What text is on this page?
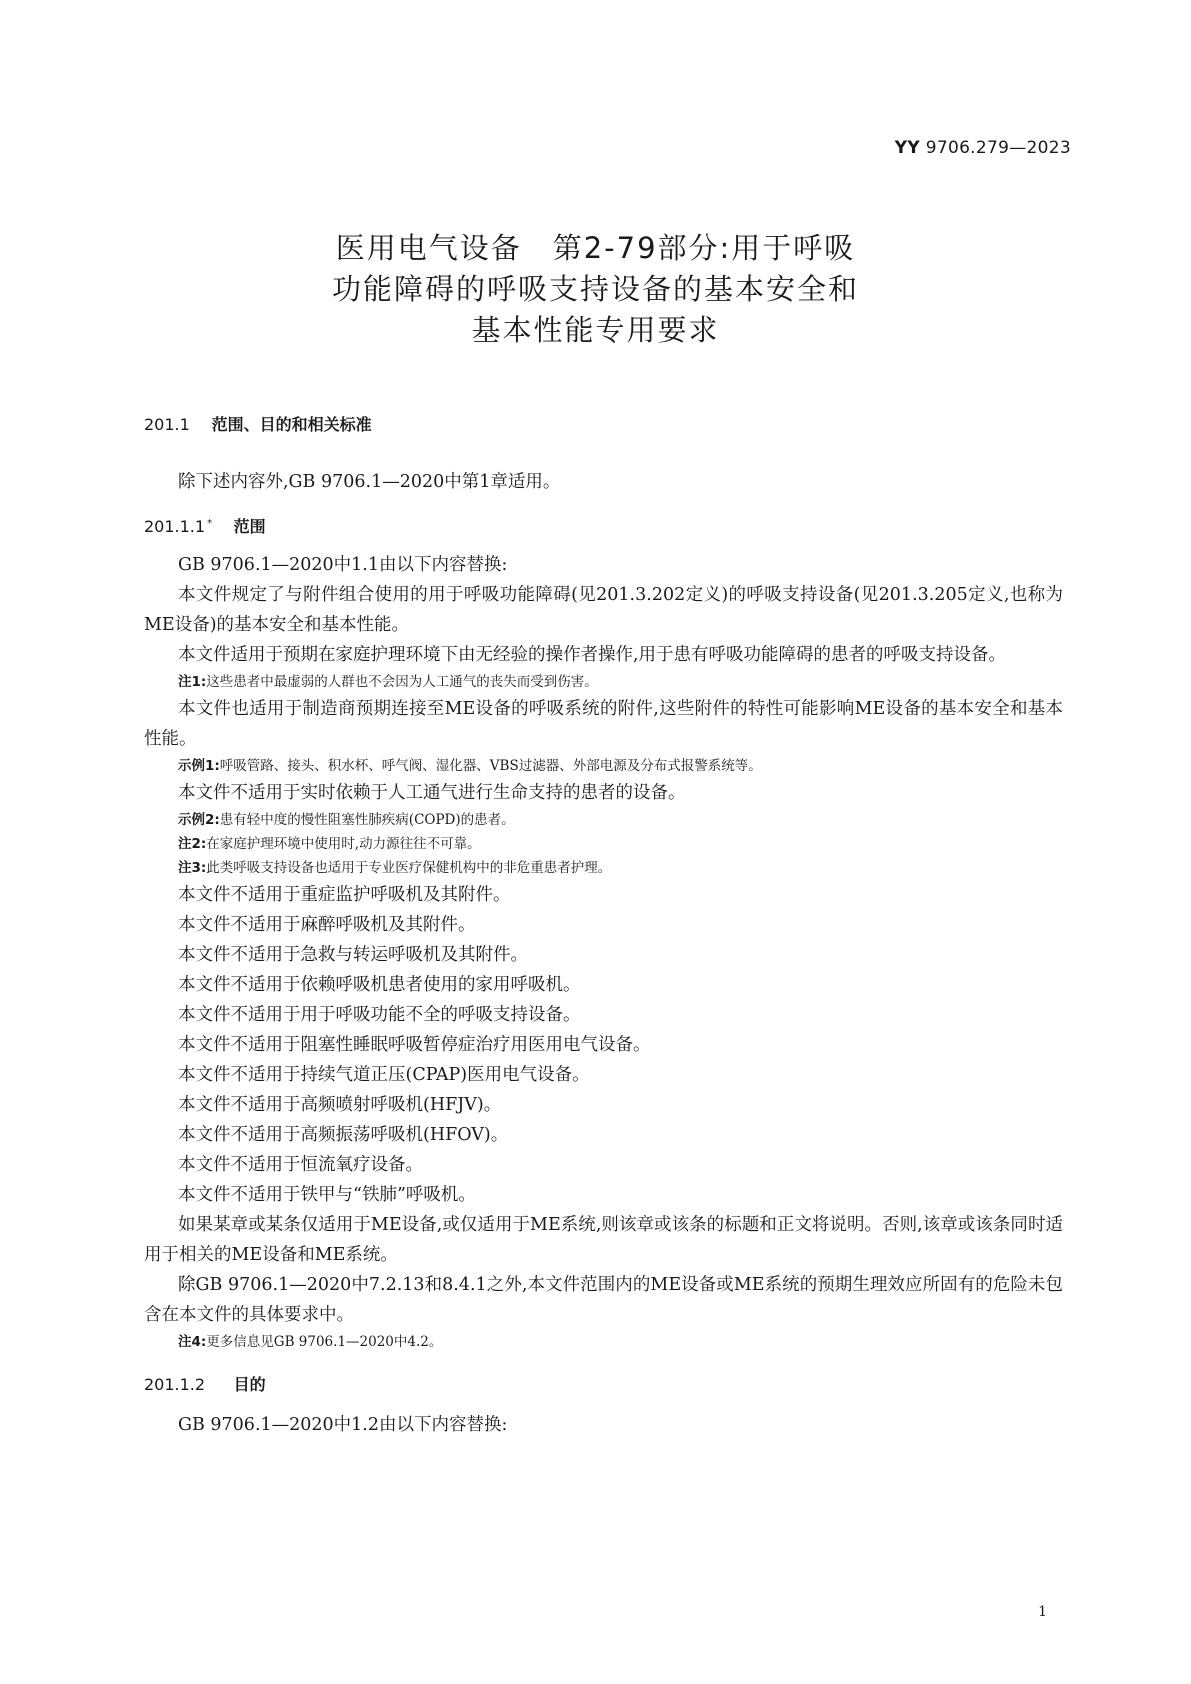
YY 9706.279—2023
医用电气设备　第2-79部分:用于呼吸
功能障碍的呼吸支持设备的基本安全和
基本性能专用要求
201.1 范围、目的和相关标准
除下述内容外,GB 9706.1—2020中第1章适用。
201.1.1 * 范围
GB 9706.1—2020中1.1由以下内容替换:
本文件规定了与附件组合使用的用于呼吸功能障碍(见201.3.202定义)的呼吸支持设备(见201.3.205定义,也称为ME设备)的基本安全和基本性能。
本文件适用于预期在家庭护理环境下由无经验的操作者操作,用于患有呼吸功能障碍的患者的呼吸支持设备。
注1:这些患者中最虚弱的人群也不会因为人工通气的丧失而受到伤害。
本文件也适用于制造商预期连接至ME设备的呼吸系统的附件,这些附件的特性可能影响ME设备的基本安全和基本性能。
示例1:呼吸管路、接头、积水杯、呼气阀、湿化器、VBS过滤器、外部电源及分布式报警系统等。
本文件不适用于实时依赖于人工通气进行生命支持的患者的设备。
示例2:患有轻中度的慢性阻塞性肺疾病(COPD)的患者。
注2:在家庭护理环境中使用时,动力源往往不可靠。
注3:此类呼吸支持设备也适用于专业医疗保健机构中的非危重患者护理。
本文件不适用于重症监护呼吸机及其附件。
本文件不适用于麻醉呼吸机及其附件。
本文件不适用于急救与转运呼吸机及其附件。
本文件不适用于依赖呼吸机患者使用的家用呼吸机。
本文件不适用于用于呼吸功能不全的呼吸支持设备。
本文件不适用于阻塞性睡眠呼吸暂停症治疗用医用电气设备。
本文件不适用于持续气道正压(CPAP)医用电气设备。
本文件不适用于高频喷射呼吸机(HFJV)。
本文件不适用于高频振荡呼吸机(HFOV)。
本文件不适用于恒流氧疗设备。
本文件不适用于铁甲与“铁肺”呼吸机。
如果某章或某条仅适用于ME设备,或仅适用于ME系统,则该章或该条的标题和正文将说明。否则,该章或该条同时适用于相关的ME设备和ME系统。
除GB 9706.1—2020中7.2.13和8.4.1之外,本文件范围内的ME设备或ME系统的预期生理效应所固有的危险未包含在本文件的具体要求中。
注4:更多信息见GB 9706.1—2020中4.2。
201.1.2 目的
GB 9706.1—2020中1.2由以下内容替换:
1
